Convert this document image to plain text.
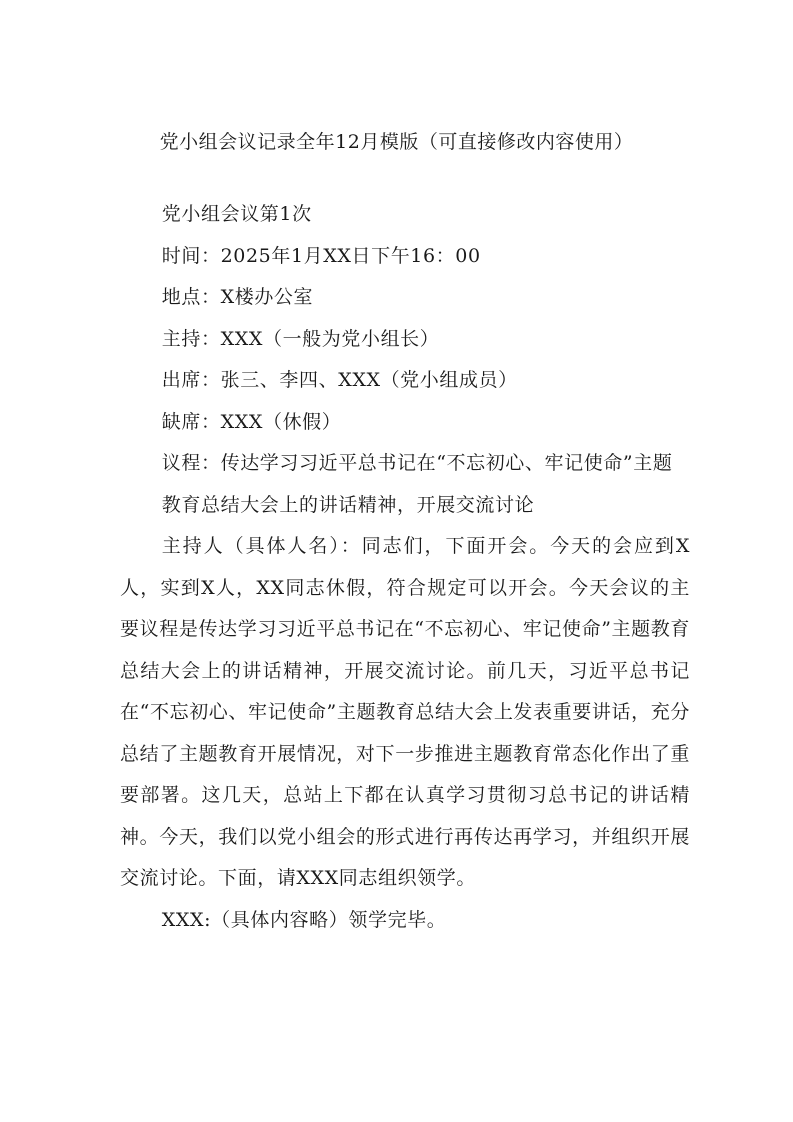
党小组会议记录全年12月模版（可直接修改内容使用）

党小组会议第1次

时间：2025年1月XX日下午16：00

地点：X楼办公室

主持：XXX（一般为党小组长）

出席：张三、李四、XXX（党小组成员）

缺席：XXX（休假）

议程：传达学习习近平总书记在“不忘初心、牢记使命”主题

教育总结大会上的讲话精神，开展交流讨论

主持人（具体人名）：同志们，下面开会。今天的会应到X人，实到X人，XX同志休假，符合规定可以开会。今天会议的主要议程是传达学习习近平总书记在“不忘初心、牢记使命”主题教育总结大会上的讲话精神，开展交流讨论。前几天，习近平总书记在“不忘初心、牢记使命”主题教育总结大会上发表重要讲话，充分总结了主题教育开展情况，对下一步推进主题教育常态化作出了重要部署。这几天，总站上下都在认真学习贯彻习总书记的讲话精神。今天，我们以党小组会的形式进行再传达再学习，并组织开展交流讨论。下面，请XXX同志组织领学。

XXX:（具体内容略）领学完毕。
